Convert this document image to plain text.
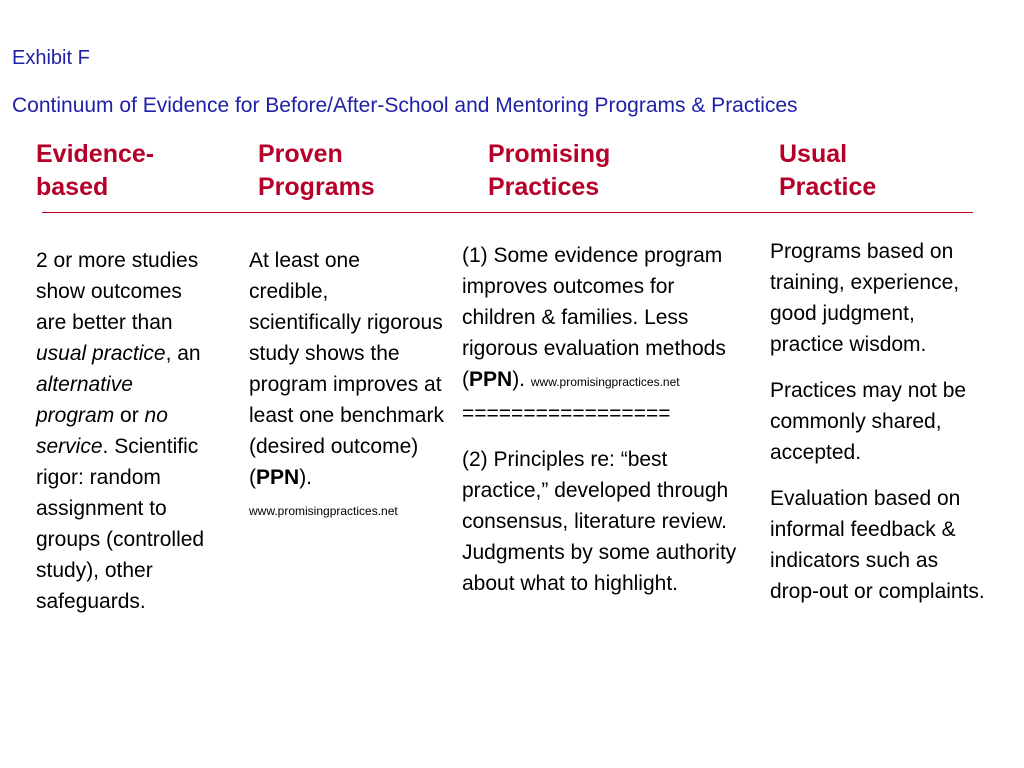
Exhibit F
Continuum of Evidence for Before/After-School and Mentoring Programs & Practices
Evidence-
based
Proven
Programs
Promising
Practices
Usual
Practice
2 or more studies show outcomes are better than usual practice, an alternative program or no service. Scientific rigor: random assignment to groups (controlled study), other safeguards.
At least one credible, scientifically rigorous study shows the program improves at least one benchmark (desired outcome) (PPN).
www.promisingpractices.net

(1) Some evidence program improves outcomes for children & families. Less rigorous evaluation methods (PPN). www.promisingpractices.net

=================

(2) Principles re: “best practice,” developed through consensus, literature review. Judgments by some authority about what to highlight.

Programs based on training, experience, good judgment, practice wisdom.

Practices may not be commonly shared, accepted.

Evaluation based on informal feedback & indicators such as drop-out or complaints.
